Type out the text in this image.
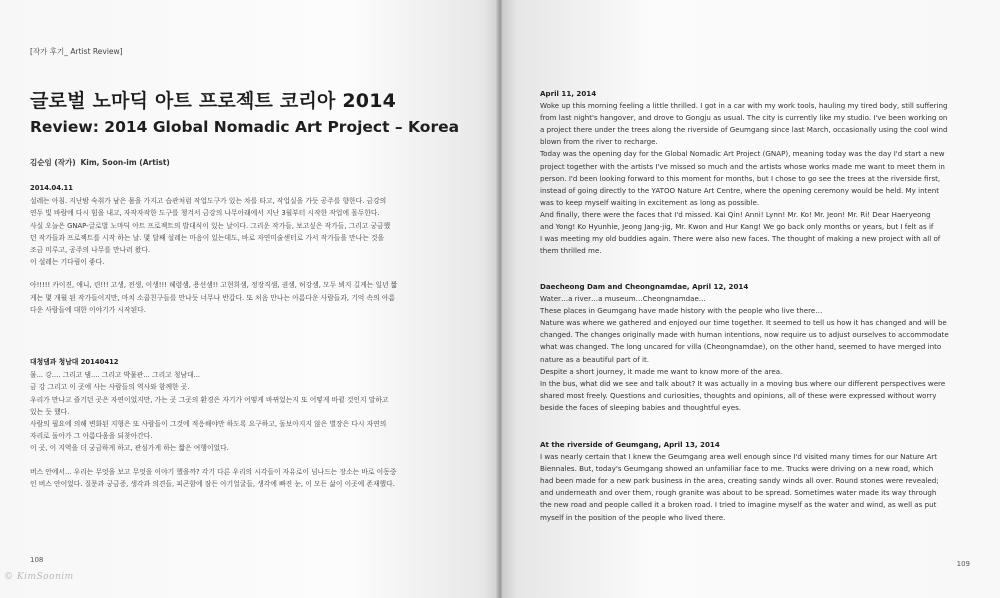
[작가 후기_ Artist Review]
글로벌 노마딕 아트 프로젝트 코리아 2014
Review: 2014 Global Nomadic Art Project – Korea
김순임 (작가) Kim, Soon-im (Artist)

2014.04.11

설레는 아침. 지난밤 숙취가 남은 몸을 가지고 습관처럼 작업도구가 있는 차를 타고, 작업실을 가듯 공주를 향한다. 금강의

연두 빛 바람에 다시 힘을 내고, 자작자작한 도구를 챙겨서 금강의 나무아래에서 지난 3월부터 시작한 작업에 몰두한다.

사실 오늘은 GNAP-글로벌 노마딕 아트 프로젝트의 발대식이 있는 날이다. 그리운 작가들, 보고싶은 작가들, 그리고 궁금했

던 작가들과 프로젝트를 시작 하는 날. 몇 달째 설레는 마음이 있는데도, 바로 자연미술센터로 가서 작가들을 만나는 것을

조금 미루고, 공주의 나무를 만나러 왔다.

이 설레는 기다림이 좋다.

아!!!!! 카이진, 애니, 린!!! 고생, 전생, 이생!!! 헤렴샘, 용선샘!! 고현희샘, 정장직샘, 권샘, 허강샘, 모두 뵈지 길게는 일년 짧

게는 몇 개월 된 작가들이지만, 마치 소꿉친구들를 만나듯 너무나 반갑다. 또 처음 만나는 아름다운 사람들과, 기억 속의 아름

다운 사람들에 대한 이야기가 시작된다.

대청댐과 청남대 20140412

물... 강.... 그리고 댐.... 그리고 박물관... 그리고 청남대...

금 강 그리고 이 곳에 사는 사람들의 역사와 함께한 곳.

우리가 만나고 즐기던 곳은 자연이었지만, 가는 곳 그곳의 환경은 자기가 어떻게 바뀌었는지 또 어떻게 바뀔 것인지 말하고

있는 듯 했다.

사람의 필요에 의해 변화된 지형은 또 사람들이 그것에 적응해야만 하도록 요구하고, 돌보아지지 않은 별장은 다시 자연의

자리로 돌아가 그 아름다움을 되찾아간다.

이 곳, 이 지역을 더 궁금하게 하고, 관심가게 하는 짧은 여행이었다.

버스 안에서... 우리는 무엇을 보고 무엇을 이야기 했을까? 각기 다른 우리의 시각들이 자유로이 넘나드는 장소는 바로 이동중

인 버스 안이었다. 질문과 궁금증, 생각과 의견들, 피곤함에 잠든 아기얼굴들, 생각에 빠진 눈, 이 모든 삶이 이곳에 존재했다.

108
© KimSoonim

April 11, 2014

Woke up this morning feeling a little thrilled. I got in a car with my work tools, hauling my tired body, still suffering

from last night's hangover, and drove to Gongju as usual. The city is currently like my studio. I've been working on

a project there under the trees along the riverside of Geumgang since last March, occasionally using the cool wind

blown from the river to recharge.

Today was the opening day for the Global Nomadic Art Project (GNAP), meaning today was the day I'd start a new

project together with the artists I've missed so much and the artists whose works made me want to meet them in

person. I'd been looking forward to this moment for months, but I chose to go see the trees at the riverside first,

instead of going directly to the YATOO Nature Art Centre, where the opening ceremony would be held. My intent

was to keep myself waiting in excitement as long as possible.

And finally, there were the faces that I'd missed. Kai Qin! Anni! Lynn! Mr. Ko! Mr. Jeon! Mr. Ri! Dear Haeryeong

and Yong! Ko Hyunhie, Jeong Jang-jig, Mr. Kwon and Hur Kang! We go back only months or years, but I felt as if

I was meeting my old buddies again. There were also new faces. The thought of making a new project with all of

them thrilled me.

Daecheong Dam and Cheongnamdae, April 12, 2014

Water…a river…a museum…Cheongnamdae…

These places in Geumgang have made history with the people who live there…

Nature was where we gathered and enjoyed our time together. It seemed to tell us how it has changed and will be

changed. The changes originally made with human intentions, now require us to adjust ourselves to accommodate

what was changed. The long uncared for villa (Cheongnamdae), on the other hand, seemed to have merged into

nature as a beautiful part of it.

Despite a short journey, it made me want to know more of the area.

In the bus, what did we see and talk about? It was actually in a moving bus where our different perspectives were

shared most freely. Questions and curiosities, thoughts and opinions, all of these were expressed without worry

beside the faces of sleeping babies and thoughtful eyes.

At the riverside of Geumgang, April 13, 2014

I was nearly certain that I knew the Geumgang area well enough since I'd visited many times for our Nature Art

Biennales. But, today's Geumgang showed an unfamiliar face to me. Trucks were driving on a new road, which

had been made for a new park business in the area, creating sandy winds all over. Round stones were revealed;

and underneath and over them, rough granite was about to be spread. Sometimes water made its way through

the new road and people called it a broken road. I tried to imagine myself as the water and wind, as well as put

myself in the position of the people who lived there.

109
